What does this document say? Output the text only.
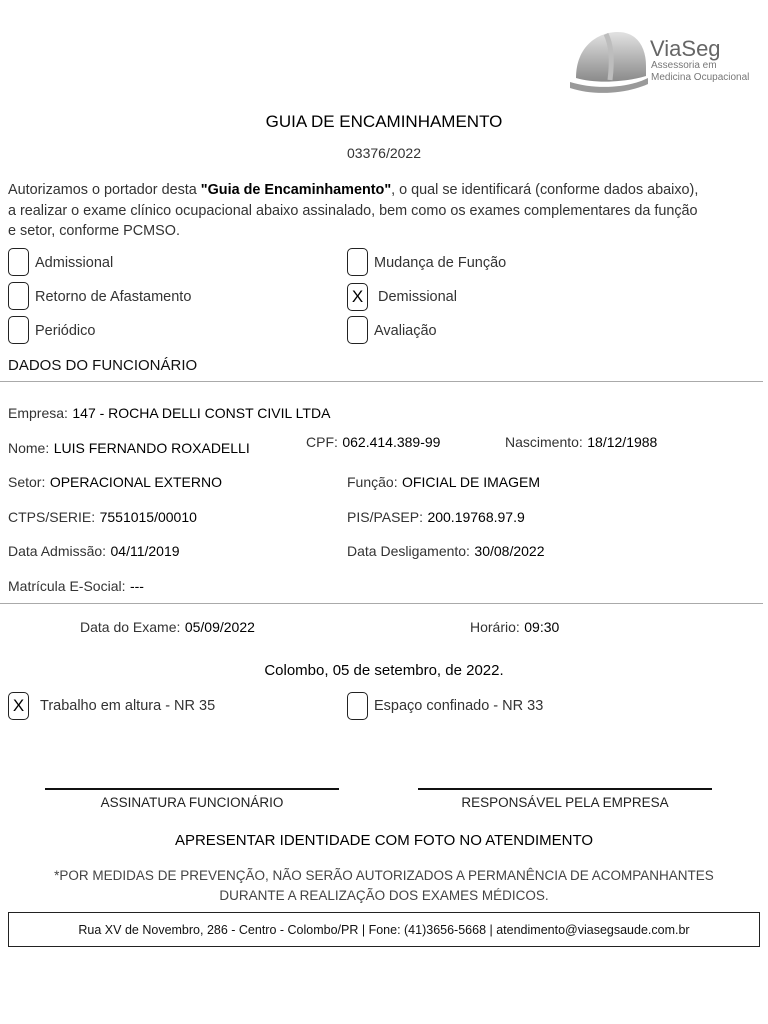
ViaSeg
Assessoria em
Medicina Ocupacional
GUIA DE ENCAMINHAMENTO
03376/2022
Autorizamos o portador desta "Guia de Encaminhamento", o qual se identificará (conforme dados abaixo),
a realizar o exame clínico ocupacional abaixo assinalado, bem como os exames complementares da função
e setor, conforme PCMSO.
Admissional	Mudança de Função
Retorno de Afastamento	X	Demissional
Periódico	Avaliação
DADOS DO FUNCIONÁRIO
Empresa: 147 - ROCHA DELLI CONST CIVIL LTDA
Nome: LUIS FERNANDO ROXADELLI	CPF: 062.414.389-99	Nascimento: 18/12/1988
Setor: OPERACIONAL EXTERNO	Função: OFICIAL DE IMAGEM
CTPS/SERIE: 7551015/00010	PIS/PASEP: 200.19768.97.9
Data Admissão: 04/11/2019	Data Desligamento: 30/08/2022
Matrícula E-Social: ---
Data do Exame: 05/09/2022	Horário: 09:30
Colombo, 05 de setembro, de 2022.
X	Trabalho em altura - NR 35	Espaço confinado - NR 33
ASSINATURA FUNCIONÁRIO	RESPONSÁVEL PELA EMPRESA
APRESENTAR IDENTIDADE COM FOTO NO ATENDIMENTO
*POR MEDIDAS DE PREVENÇÃO, NÃO SERÃO AUTORIZADOS A PERMANÊNCIA DE ACOMPANHANTES
DURANTE A REALIZAÇÃO DOS EXAMES MÉDICOS.
Rua XV de Novembro, 286 - Centro - Colombo/PR | Fone: (41)3656-5668 | atendimento@viasegsaude.com.br
